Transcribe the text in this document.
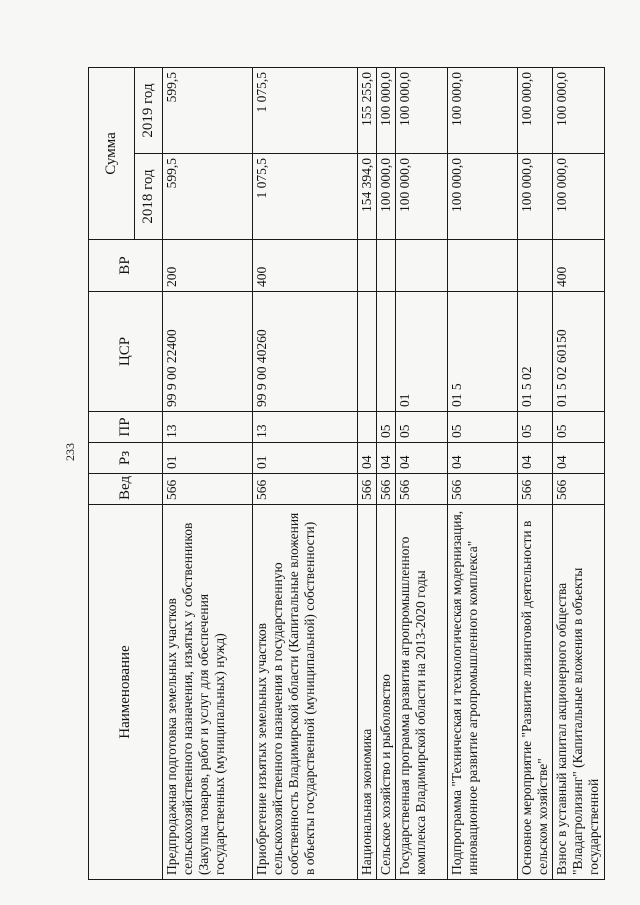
233
Наименование	Вед	Рз	ПР	ЦСР	ВР	Сумма	
						2018 год	2019 год
Предпродажная подготовка земельных участков сельскохозяйственного назначения, изъятых у собственников (Закупка товаров, работ и услуг для обеспечения государственных (муниципальных) нужд)	566	01	13	99 9 00 22400	200	599,5	599,5
Приобретение изъятых земельных участков сельскохозяйственного назначения в государственную собственность Владимирской области (Капитальные вложения в объекты государственной (муниципальной) собственности)	566	01	13	99 9 00 40260	400	1 075,5	1 075,5
Национальная экономика	566	04				154 394,0	155 255,0
Сельское хозяйство и рыболовство	566	04	05			100 000,0	100 000,0
Государственная программа развития агропромышленного комплекса Владимирской области на 2013-2020 годы	566	04	05	01		100 000,0	100 000,0
Подпрограмма "Техническая и технологическая модернизация, инновационное развитие агропромышленного комплекса"	566	04	05	01 5		100 000,0	100 000,0
Основное мероприятие "Развитие лизинговой деятельности в сельском хозяйстве"	566	04	05	01 5 02		100 000,0	100 000,0
Взнос в уставный капитал акционерного общества "Владагролизинг" (Капитальные вложения в объекты государственной	566	04	05	01 5 02 60150	400	100 000,0	100 000,0
